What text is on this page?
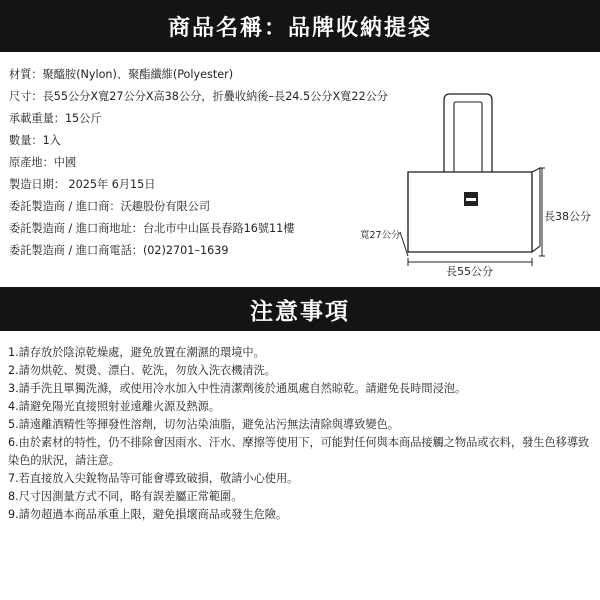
商品名稱：品牌收納提袋
材質：聚醯胺(Nylon)、聚酯纖維(Polyester)
尺寸：長55公分X寬27公分X高38公分，折疊收納後–長24.5公分X寬22公分
承載重量：15公斤
數量：1入
原產地：中國
製造日期： 2025年 6月15日
委託製造商 / 進口商：沃趣股份有限公司
委託製造商 / 進口商地址：台北市中山區長春路16號11樓
委託製造商 / 進口商電話：(02)2701–1639
長38公分
寬27公分
長55公分
注意事項
1.請存放於陰涼乾燥處，避免放置在潮濕的環境中。
2.請勿烘乾、熨燙、漂白、乾洗，勿放入洗衣機清洗。
3.請手洗且單獨洗滌，或使用冷水加入中性清潔劑後於通風處自然晾乾。請避免長時間浸泡。
4.請避免陽光直接照射並遠離火源及熱源。
5.請遠離酒精性等揮發性溶劑，切勿沾染油脂，避免沾污無法清除與導致變色。
6.由於素材的特性，仍不排除會因雨水、汗水、摩擦等使用下，可能對任何與本商品接觸之物品或衣料，發生色移導致染色的狀況，請注意。
7.若直接放入尖銳物品等可能會導致破損，敬請小心使用。
8.尺寸因測量方式不同，略有誤差屬正常範圍。
9.請勿超過本商品承重上限，避免損壞商品或發生危險。
